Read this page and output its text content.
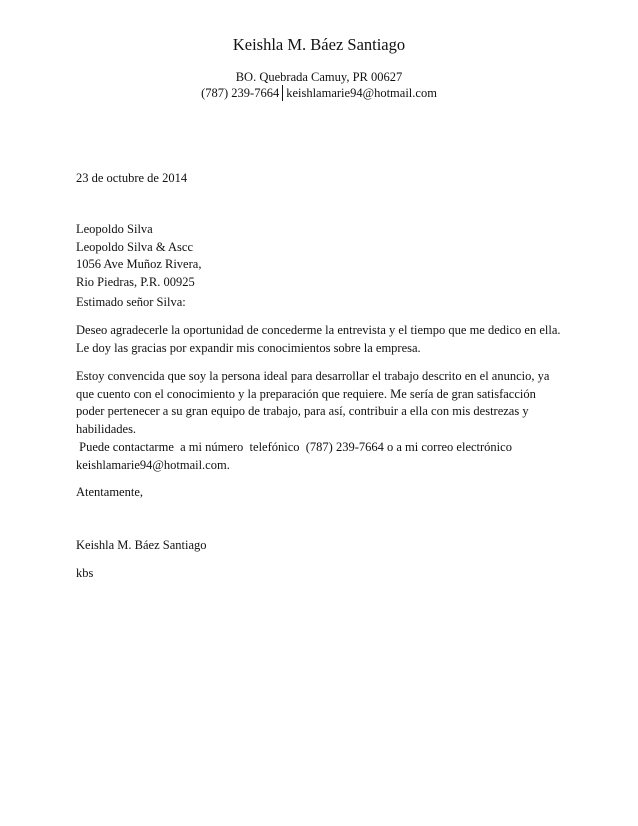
Keishla M. Báez Santiago
BO. Quebrada Camuy, PR 00627
(787) 239-7664 keishlamarie94@hotmail.com
23 de octubre de 2014

Leopoldo Silva

Leopoldo Silva & Ascc

1056 Ave Muñoz Rivera,

Rio Piedras, P.R. 00925

Estimado señor Silva:

Deseo agradecerle la oportunidad de concederme la entrevista y el tiempo que me dedico en ella.

Le doy las gracias por expandir mis conocimientos sobre la empresa.

Estoy convencida que soy la persona ideal para desarrollar el trabajo descrito en el anuncio, ya

que cuento con el conocimiento y la preparación que requiere. Me sería de gran satisfacción

poder pertenecer a su gran equipo de trabajo, para así, contribuir a ella con mis destrezas y

habilidades.

Puede contactarme  a mi número  telefónico  (787) 239-7664 o a mi correo electrónico

keishlamarie94@hotmail.com.

Atentamente,
Keishla M. Báez Santiago
kbs
